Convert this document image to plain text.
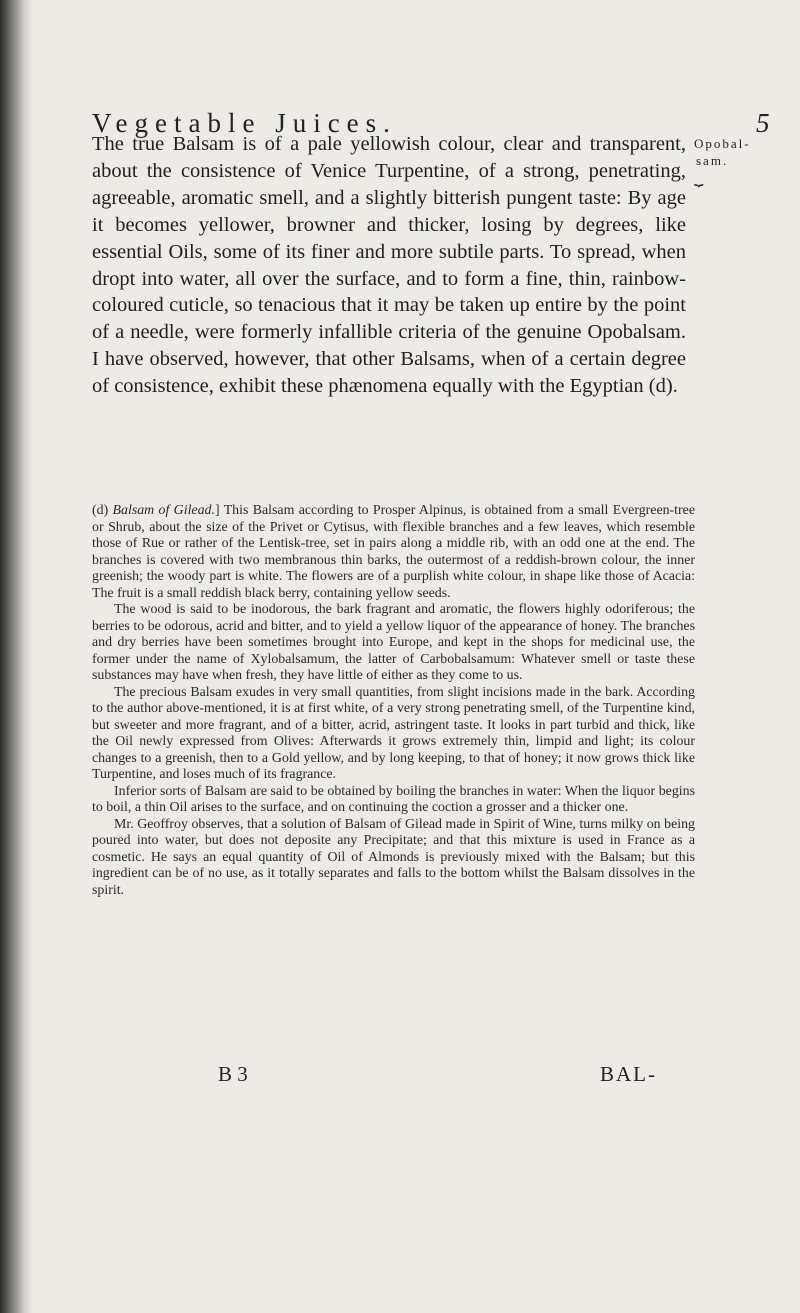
Vegetable Juices.	5
Opobal-
sam.
⏟

The true Balsam is of a pale yellowish colour, clear and transparent, about the consistence of Venice Turpentine, of a strong, penetrating, agreeable, aromatic smell, and a slightly bitterish pungent taste: By age it becomes yellower, browner and thicker, losing by degrees, like essential Oils, some of its finer and more subtile parts. To spread, when dropt into water, all over the surface, and to form a fine, thin, rainbow-coloured cuticle, so tenacious that it may be taken up entire by the point of a needle, were formerly infallible criteria of the genuine Opobalsam. I have observed, however, that other Balsams, when of a certain degree of consistence, exhibit these phænomena equally with the Egyptian (d).

(d) Balsam of Gilead.] This Balsam according to Prosper Alpinus, is obtained from a small Evergreen-tree or Shrub, about the size of the Privet or Cytisus, with flexible branches and a few leaves, which resemble those of Rue or rather of the Lentisk-tree, set in pairs along a middle rib, with an odd one at the end. The branches is covered with two membranous thin barks, the outermost of a reddish-brown colour, the inner greenish; the woody part is white. The flowers are of a purplish white colour, in shape like those of Acacia: The fruit is a small reddish black berry, containing yellow seeds.

The wood is said to be inodorous, the bark fragrant and aromatic, the flowers highly odoriferous; the berries to be odorous, acrid and bitter, and to yield a yellow liquor of the appearance of honey. The branches and dry berries have been sometimes brought into Europe, and kept in the shops for medicinal use, the former under the name of Xylobalsamum, the latter of Carbobalsamum: Whatever smell or taste these substances may have when fresh, they have little of either as they come to us.

The precious Balsam exudes in very small quantities, from slight incisions made in the bark. According to the author above-mentioned, it is at first white, of a very strong penetrating smell, of the Turpentine kind, but sweeter and more fragrant, and of a bitter, acrid, astringent taste. It looks in part turbid and thick, like the Oil newly expressed from Olives: Afterwards it grows extremely thin, limpid and light; its colour changes to a greenish, then to a Gold yellow, and by long keeping, to that of honey; it now grows thick like Turpentine, and loses much of its fragrance.

Inferior sorts of Balsam are said to be obtained by boiling the branches in water: When the liquor begins to boil, a thin Oil arises to the surface, and on continuing the coction a grosser and a thicker one.

Mr. Geoffroy observes, that a solution of Balsam of Gilead made in Spirit of Wine, turns milky on being poured into water, but does not deposite any Precipitate; and that this mixture is used in France as a cosmetic. He says an equal quantity of Oil of Almonds is previously mixed with the Balsam; but this ingredient can be of no use, as it totally separates and falls to the bottom whilst the Balsam dissolves in the spirit.

B 3	BAL-
